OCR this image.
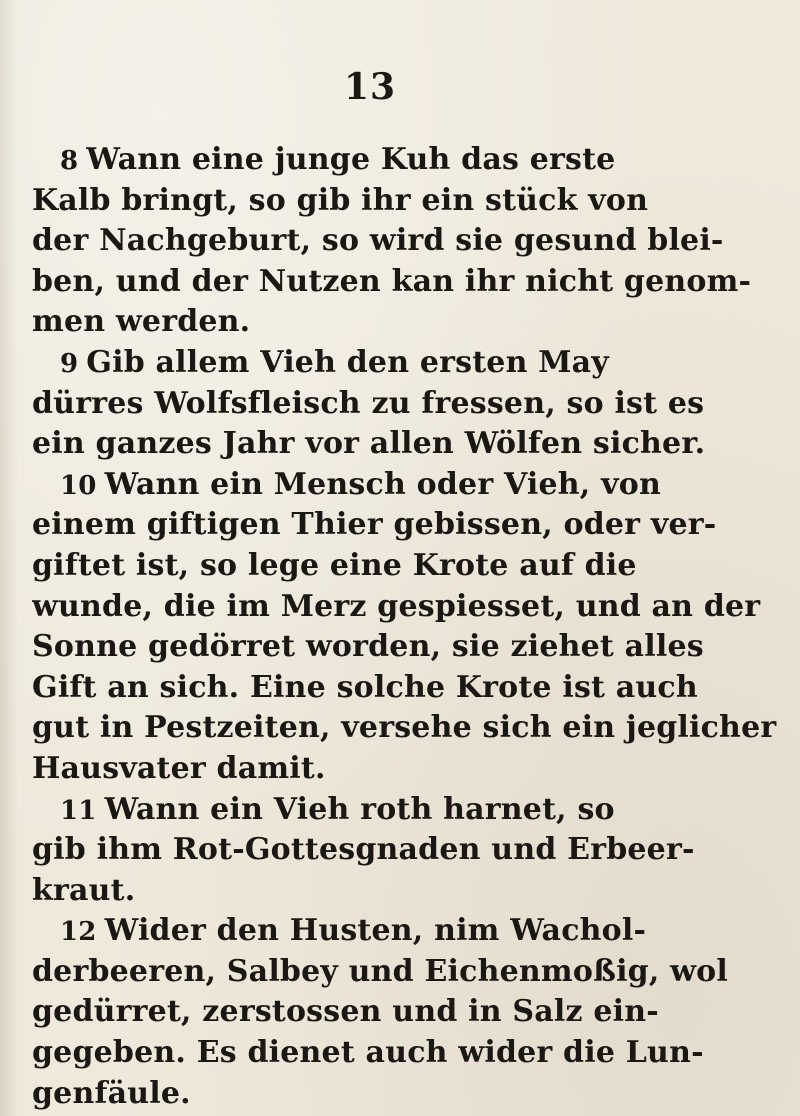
13

8 Wann eine junge Kuh das erste
Kalb bringt, so gib ihr ein stück von
der Nachgeburt, so wird sie gesund blei-
ben, und der Nutzen kan ihr nicht genom-
men werden.

9 Gib allem Vieh den ersten May
dürres Wolfsfleisch zu fressen, so ist es
ein ganzes Jahr vor allen Wölfen sicher.

10 Wann ein Mensch oder Vieh, von
einem giftigen Thier gebissen, oder ver-
giftet ist, so lege eine Krote auf die
wunde, die im Merz gespiesset, und an der
Sonne gedörret worden, sie ziehet alles
Gift an sich. Eine solche Krote ist auch
gut in Pestzeiten, versehe sich ein jeglicher
Hausvater damit.

11 Wann ein Vieh roth harnet, so
gib ihm Rot-Gottesgnaden und Erbeer-
kraut.

12 Wider den Husten, nim Wachol-
derbeeren, Salbey und Eichenmoßig, wol
gedürret, zerstossen und in Salz ein-
gegeben. Es dienet auch wider die Lun-
genfäule.
